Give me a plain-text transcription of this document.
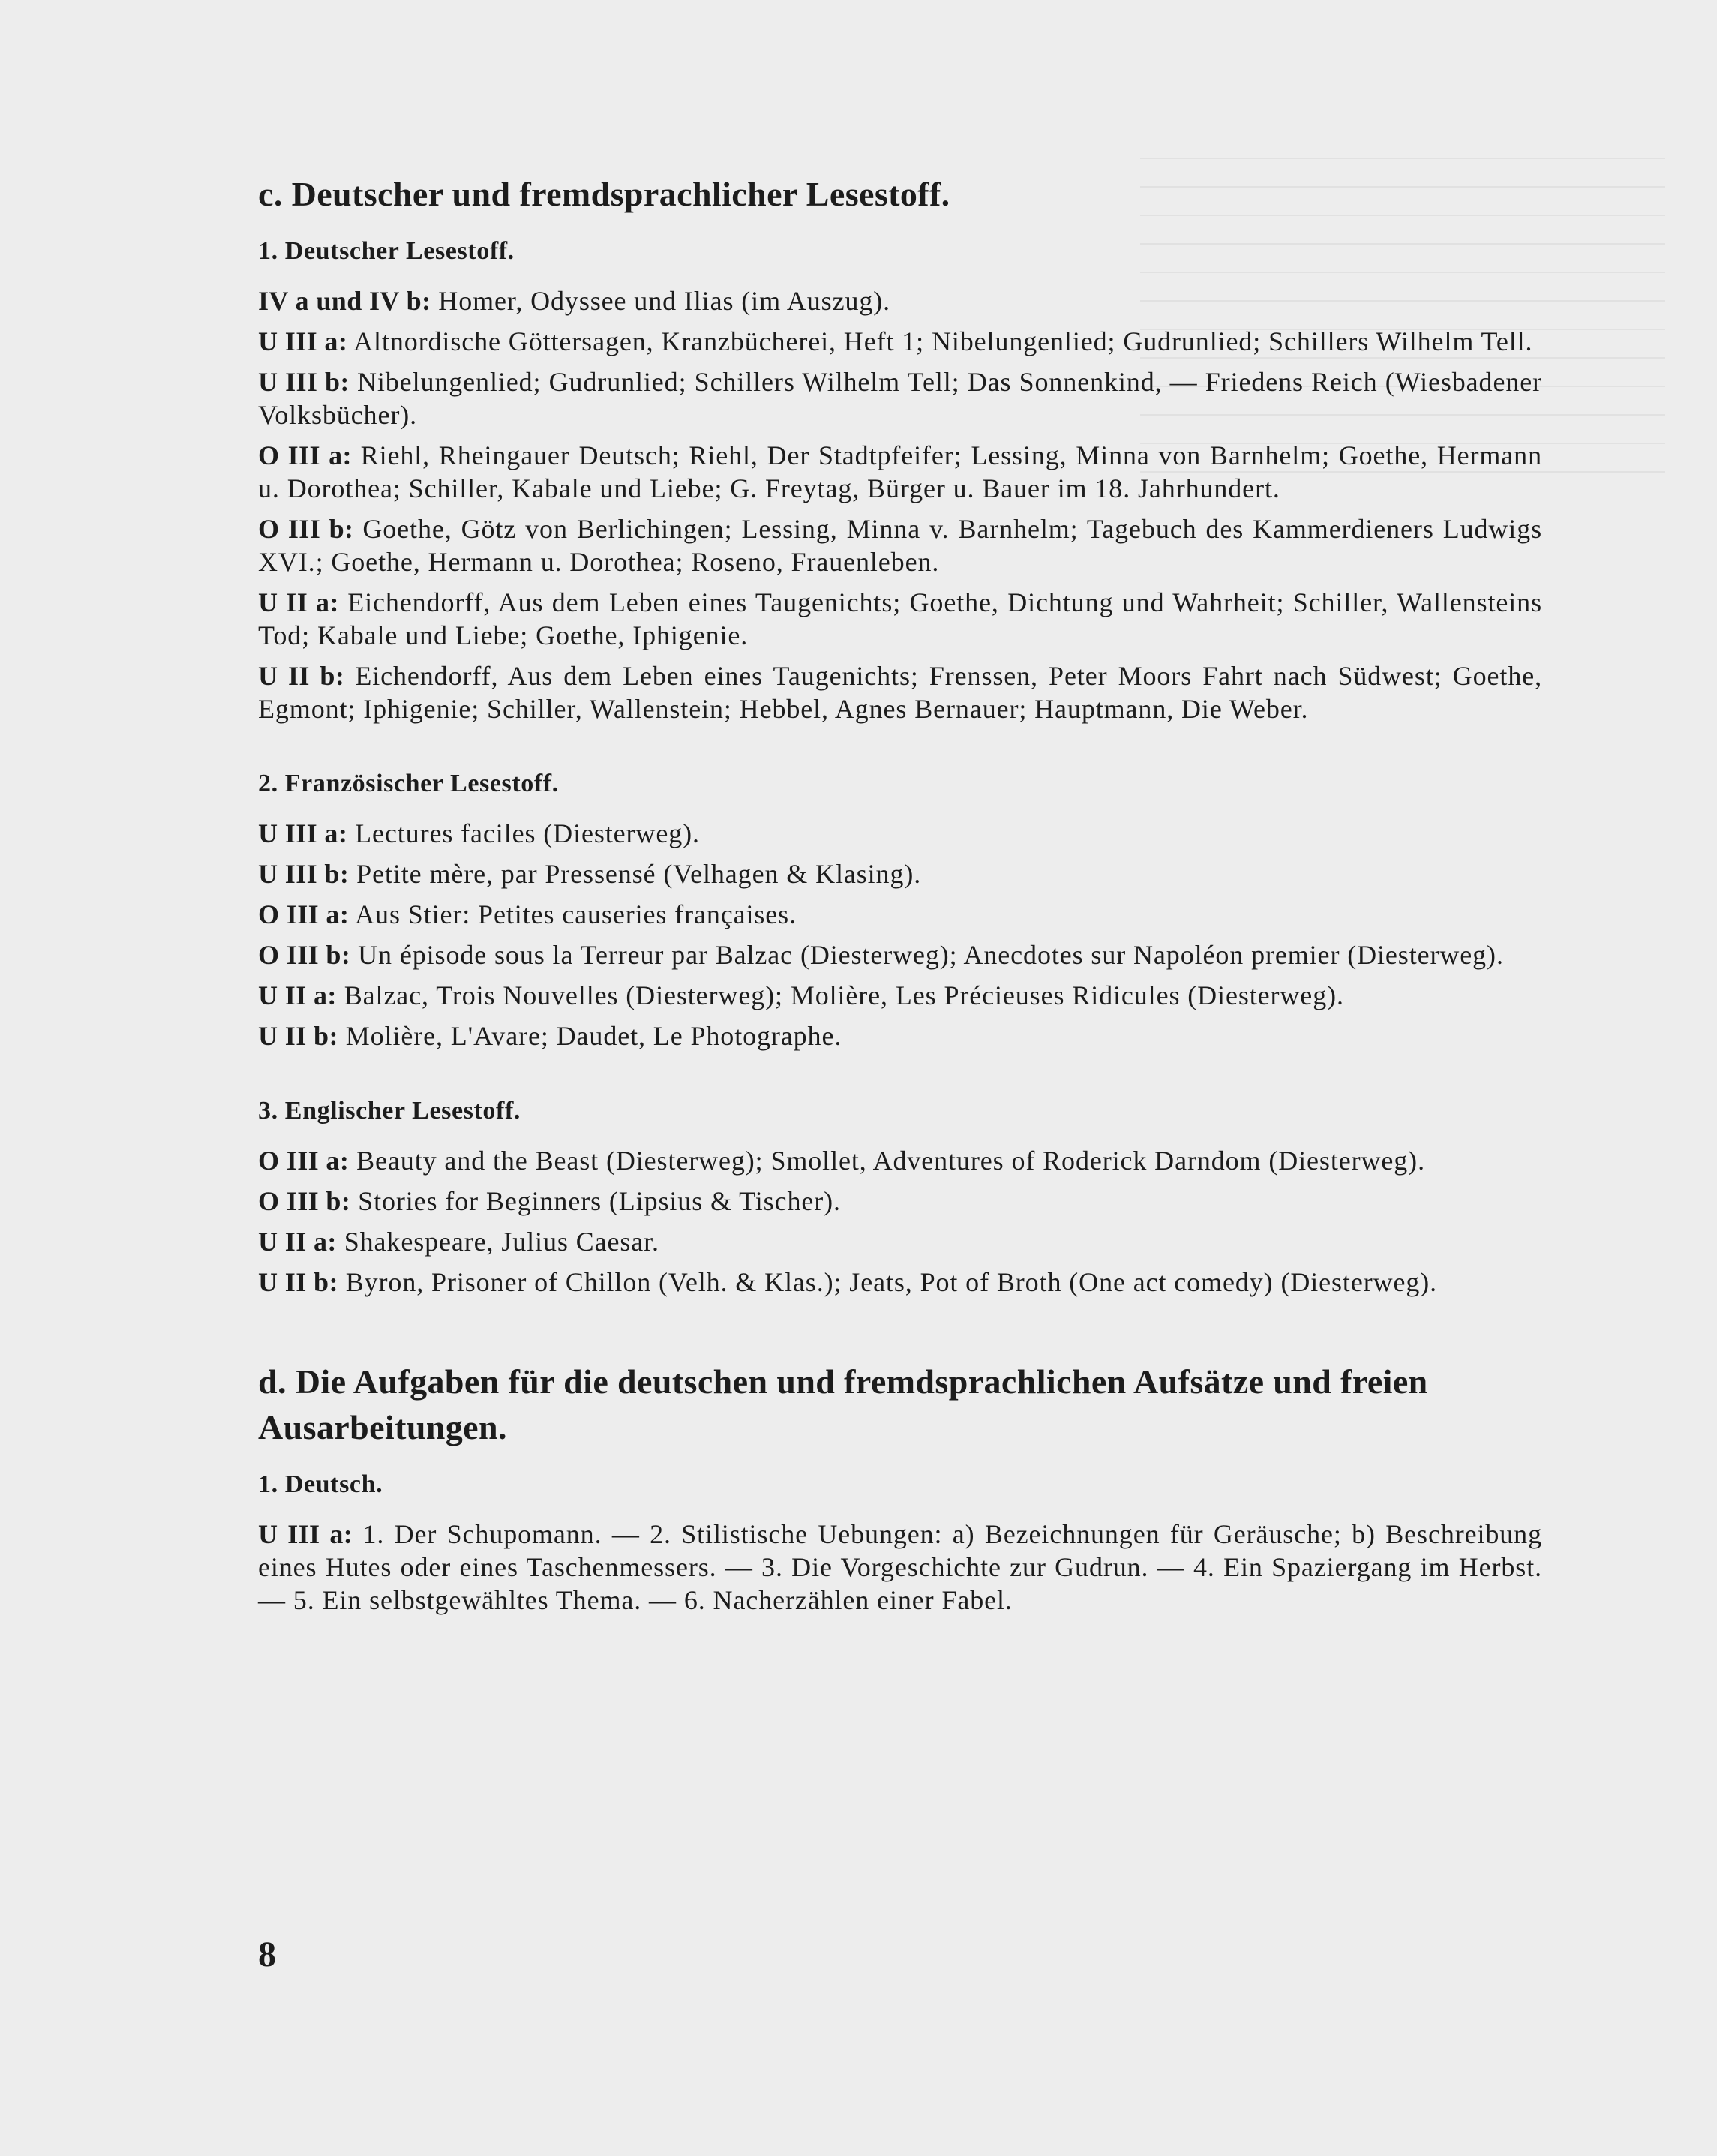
c. Deutscher und fremdsprachlicher Lesestoff.
1. Deutscher Lesestoff.

IV a und IV b: Homer, Odyssee und Ilias (im Auszug).

U III a: Altnordische Göttersagen, Kranzbücherei, Heft 1; Nibelungenlied; Gudrunlied; Schillers Wilhelm Tell.

U III b: Nibelungenlied; Gudrunlied; Schillers Wilhelm Tell; Das Sonnenkind, — Friedens Reich (Wiesbadener Volksbücher).

O III a: Riehl, Rheingauer Deutsch; Riehl, Der Stadtpfeifer; Lessing, Minna von Barnhelm; Goethe, Hermann u. Dorothea; Schiller, Kabale und Liebe; G. Freytag, Bürger u. Bauer im 18. Jahrhundert.

O III b: Goethe, Götz von Berlichingen; Lessing, Minna v. Barnhelm; Tagebuch des Kammerdieners Ludwigs XVI.; Goethe, Hermann u. Dorothea; Roseno, Frauenleben.

U II a: Eichendorff, Aus dem Leben eines Taugenichts; Goethe, Dichtung und Wahrheit; Schiller, Wallensteins Tod; Kabale und Liebe; Goethe, Iphigenie.

U II b: Eichendorff, Aus dem Leben eines Taugenichts; Frenssen, Peter Moors Fahrt nach Südwest; Goethe, Egmont; Iphigenie; Schiller, Wallenstein; Hebbel, Agnes Bernauer; Hauptmann, Die Weber.

2. Französischer Lesestoff.

U III a: Lectures faciles (Diesterweg).

U III b: Petite mère, par Pressensé (Velhagen & Klasing).

O III a: Aus Stier: Petites causeries françaises.

O III b: Un épisode sous la Terreur par Balzac (Diesterweg); Anecdotes sur Napoléon premier (Diesterweg).

U II a: Balzac, Trois Nouvelles (Diesterweg); Molière, Les Précieuses Ridicules (Diesterweg).

U II b: Molière, L'Avare; Daudet, Le Photographe.

3. Englischer Lesestoff.

O III a: Beauty and the Beast (Diesterweg); Smollet, Adventures of Roderick Darndom (Diesterweg).

O III b: Stories for Beginners (Lipsius & Tischer).

U II a: Shakespeare, Julius Caesar.

U II b: Byron, Prisoner of Chillon (Velh. & Klas.); Jeats, Pot of Broth (One act comedy) (Diesterweg).

d. Die Aufgaben für die deutschen und fremdsprachlichen Aufsätze und freien Ausarbeitungen.
1. Deutsch.

U III a: 1. Der Schupomann. — 2. Stilistische Uebungen: a) Bezeichnungen für Geräusche; b) Beschreibung eines Hutes oder eines Taschenmessers. — 3. Die Vorgeschichte zur Gudrun. — 4. Ein Spaziergang im Herbst. — 5. Ein selbstgewähltes Thema. — 6. Nacherzählen einer Fabel.

8
